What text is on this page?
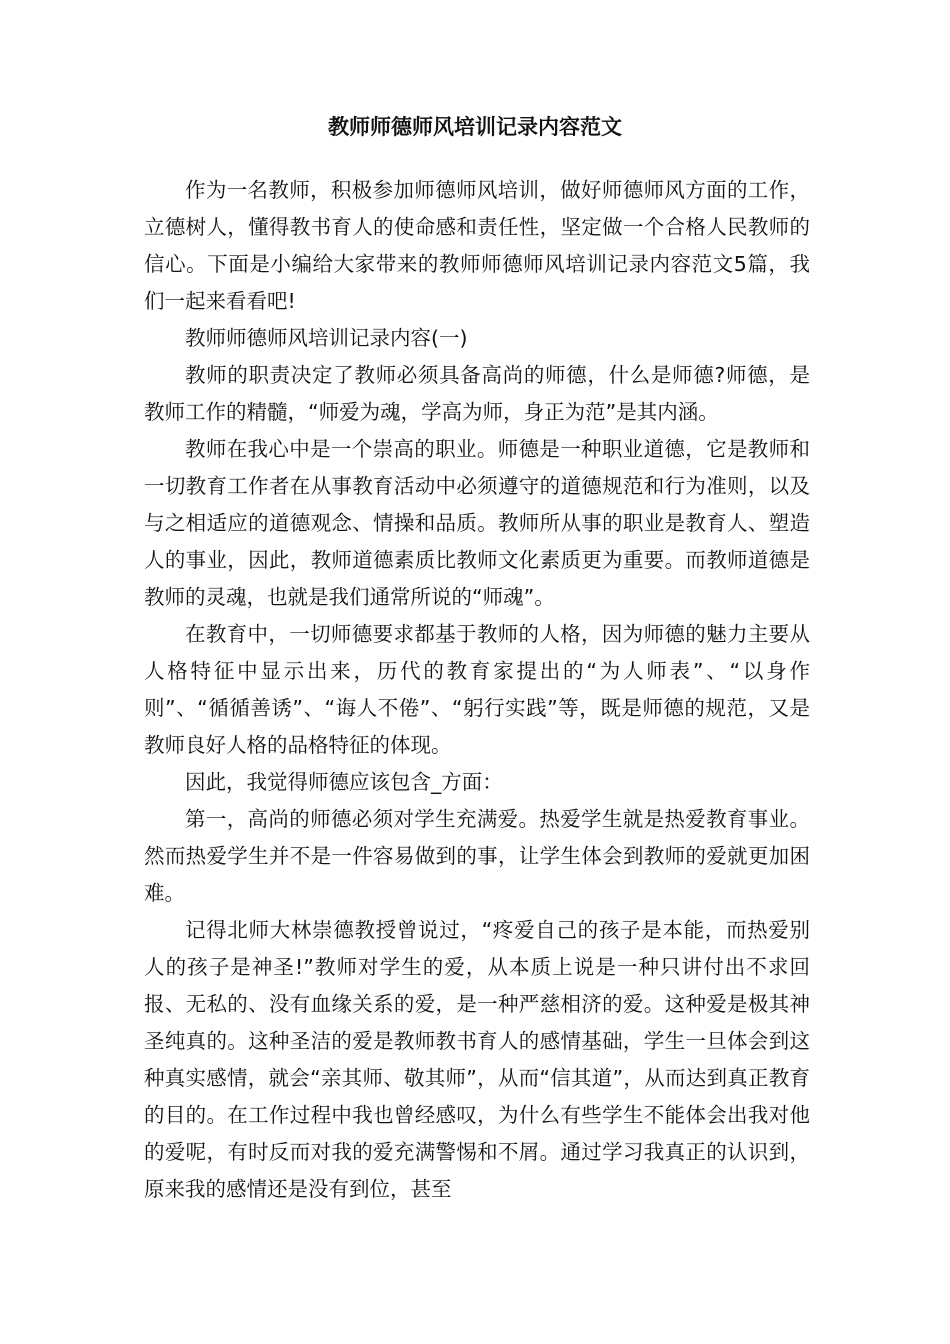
教师师德师风培训记录内容范文

作为一名教师，积极参加师德师风培训，做好师德师风方面的工作，立德树人，懂得教书育人的使命感和责任性，坚定做一个合格人民教师的信心。下面是小编给大家带来的教师师德师风培训记录内容范文5篇，我们一起来看看吧!

教师师德师风培训记录内容(一)

教师的职责决定了教师必须具备高尚的师德，什么是师德?师德，是教师工作的精髓，“师爱为魂，学高为师，身正为范”是其内涵。

教师在我心中是一个崇高的职业。师德是一种职业道德，它是教师和一切教育工作者在从事教育活动中必须遵守的道德规范和行为准则，以及与之相适应的道德观念、情操和品质。教师所从事的职业是教育人、塑造人的事业，因此，教师道德素质比教师文化素质更为重要。而教师道德是教师的灵魂，也就是我们通常所说的“师魂”。

在教育中，一切师德要求都基于教师的人格，因为师德的魅力主要从人格特征中显示出来，历代的教育家提出的“为人师表”、“以身作则”、“循循善诱”、“诲人不倦”、“躬行实践”等，既是师德的规范，又是教师良好人格的品格特征的体现。

因此，我觉得师德应该包含_方面：

第一，高尚的师德必须对学生充满爱。热爱学生就是热爱教育事业。然而热爱学生并不是一件容易做到的事，让学生体会到教师的爱就更加困难。

记得北师大林崇德教授曾说过，“疼爱自己的孩子是本能，而热爱别人的孩子是神圣!”教师对学生的爱，从本质上说是一种只讲付出不求回报、无私的、没有血缘关系的爱，是一种严慈相济的爱。这种爱是极其神圣纯真的。这种圣洁的爱是教师教书育人的感情基础，学生一旦体会到这种真实感情，就会“亲其师、敬其师”，从而“信其道”，从而达到真正教育的目的。在工作过程中我也曾经感叹，为什么有些学生不能体会出我对他的爱呢，有时反而对我的爱充满警惕和不屑。通过学习我真正的认识到，原来我的感情还是没有到位，甚至
